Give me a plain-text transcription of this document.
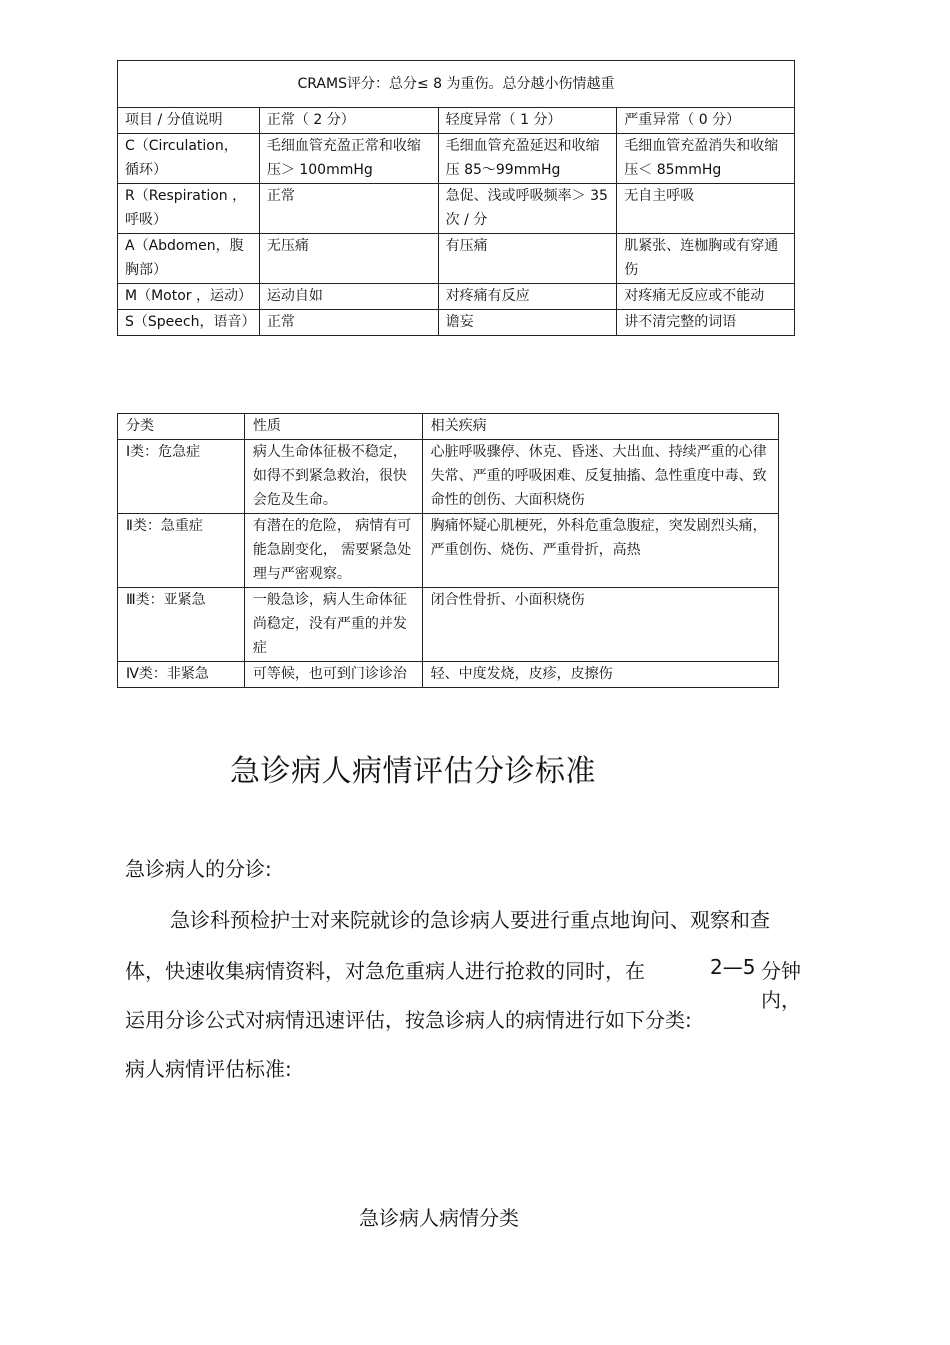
CRAMS评分：总分≤ 8 为重伤。总分越小伤情越重			
项目 / 分值说明	正常（ 2 分）	轻度异常（ 1 分）	严重异常（ 0 分）
C（Circulation，循环）	毛细血管充盈正常和收缩压＞ 100mmHg	毛细血管充盈延迟和收缩压 85～99mmHg	毛细血管充盈消失和收缩压＜ 85mmHg
R（Respiration ，呼吸）	正常	急促、浅或呼吸频率＞ 35 次 / 分	无自主呼吸
A（Abdomen，腹胸部）	无压痛	有压痛	肌紧张、连枷胸或有穿通伤
M（Motor ，运动）	运动自如	对疼痛有反应	对疼痛无反应或不能动
S（Speech，语音）	正常	谵妄	讲不清完整的词语
分类	性质	相关疾病
Ⅰ类：危急症	病人生命体征极不稳定，如得不到紧急救治，很快会危及生命。	心脏呼吸骤停、休克、昏迷、大出血、持续严重的心律失常、严重的呼吸困难、反复抽搐、急性重度中毒、致命性的创伤、大面积烧伤
Ⅱ类：急重症	有潜在的危险， 病情有可能急剧变化， 需要紧急处理与严密观察。	胸痛怀疑心肌梗死，外科危重急腹症，突发剧烈头痛，严重创伤、烧伤、严重骨折，高热
Ⅲ类：亚紧急	一般急诊，病人生命体征尚稳定，没有严重的并发症	闭合性骨折、小面积烧伤
Ⅳ类：非紧急	可等候，也可到门诊诊治	轻、中度发烧，皮疹，皮擦伤
急诊病人病情评估分诊标准

急诊病人的分诊:

急诊科预检护士对来院就诊的急诊病人要进行重点地询问、观察和查

体，快速收集病情资料，对急危重病人进行抢救的同时，在	2—5 分钟内，

运用分诊公式对病情迅速评估，按急诊病人的病情进行如下分类:

病人病情评估标准:

急诊病人病情分类
